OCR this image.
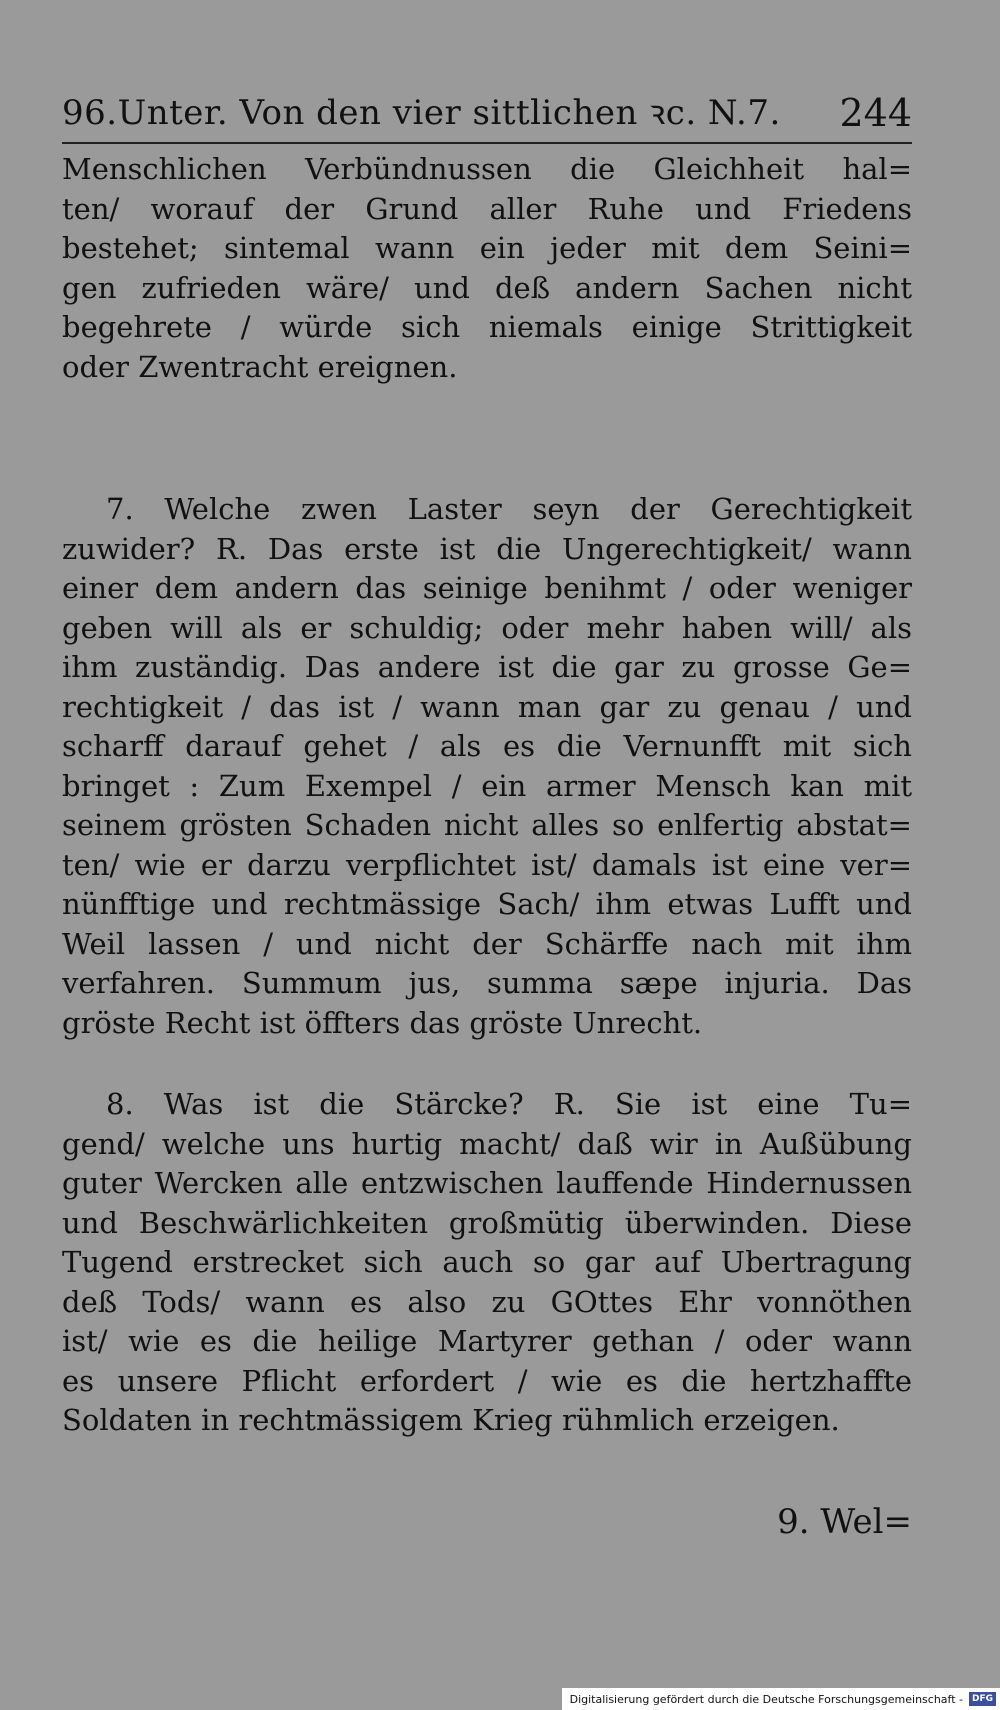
96.Unter. Von den vier sittlichen ꝛc. N.7. 244
Menschlichen Verbündnussen die Gleichheit hal=
ten/ worauf der Grund aller Ruhe und Friedens
bestehet; sintemal wann ein jeder mit dem Seini=
gen zufrieden wäre/ und deß andern Sachen nicht
begehrete / würde sich niemals einige Strittigkeit
oder Zwentracht ereignen.
7. Welche zwen Laster seyn der Gerechtigkeit
zuwider? R. Das erste ist die Ungerechtigkeit/ wann
einer dem andern das seinige benihmt / oder weniger
geben will als er schuldig; oder mehr haben will/ als
ihm zuständig. Das andere ist die gar zu grosse Ge=
rechtigkeit / das ist / wann man gar zu genau / und
scharff darauf gehet / als es die Vernunfft mit sich
bringet : Zum Exempel / ein armer Mensch kan mit
seinem grösten Schaden nicht alles so enlfertig abstat=
ten/ wie er darzu verpflichtet ist/ damals ist eine ver=
nünfftige und rechtmässige Sach/ ihm etwas Lufft und
Weil lassen / und nicht der Schärffe nach mit ihm
verfahren. Summum jus, summa sæpe injuria. Das
gröste Recht ist öffters das gröste Unrecht.
8. Was ist die Stärcke? R. Sie ist eine Tu=
gend/ welche uns hurtig macht/ daß wir in Außübung
guter Wercken alle entzwischen lauffende Hindernussen
und Beschwärlichkeiten großmütig überwinden. Diese
Tugend erstrecket sich auch so gar auf Ubertragung
deß Tods/ wann es also zu GOttes Ehr vonnöthen
ist/ wie es die heilige Martyrer gethan / oder wann
es unsere Pflicht erfordert / wie es die hertzhaffte
Soldaten in rechtmässigem Krieg rühmlich erzeigen.
9. Wel=
Digitalisierung gefördert durch die Deutsche Forschungsgemeinschaft -	DFG
